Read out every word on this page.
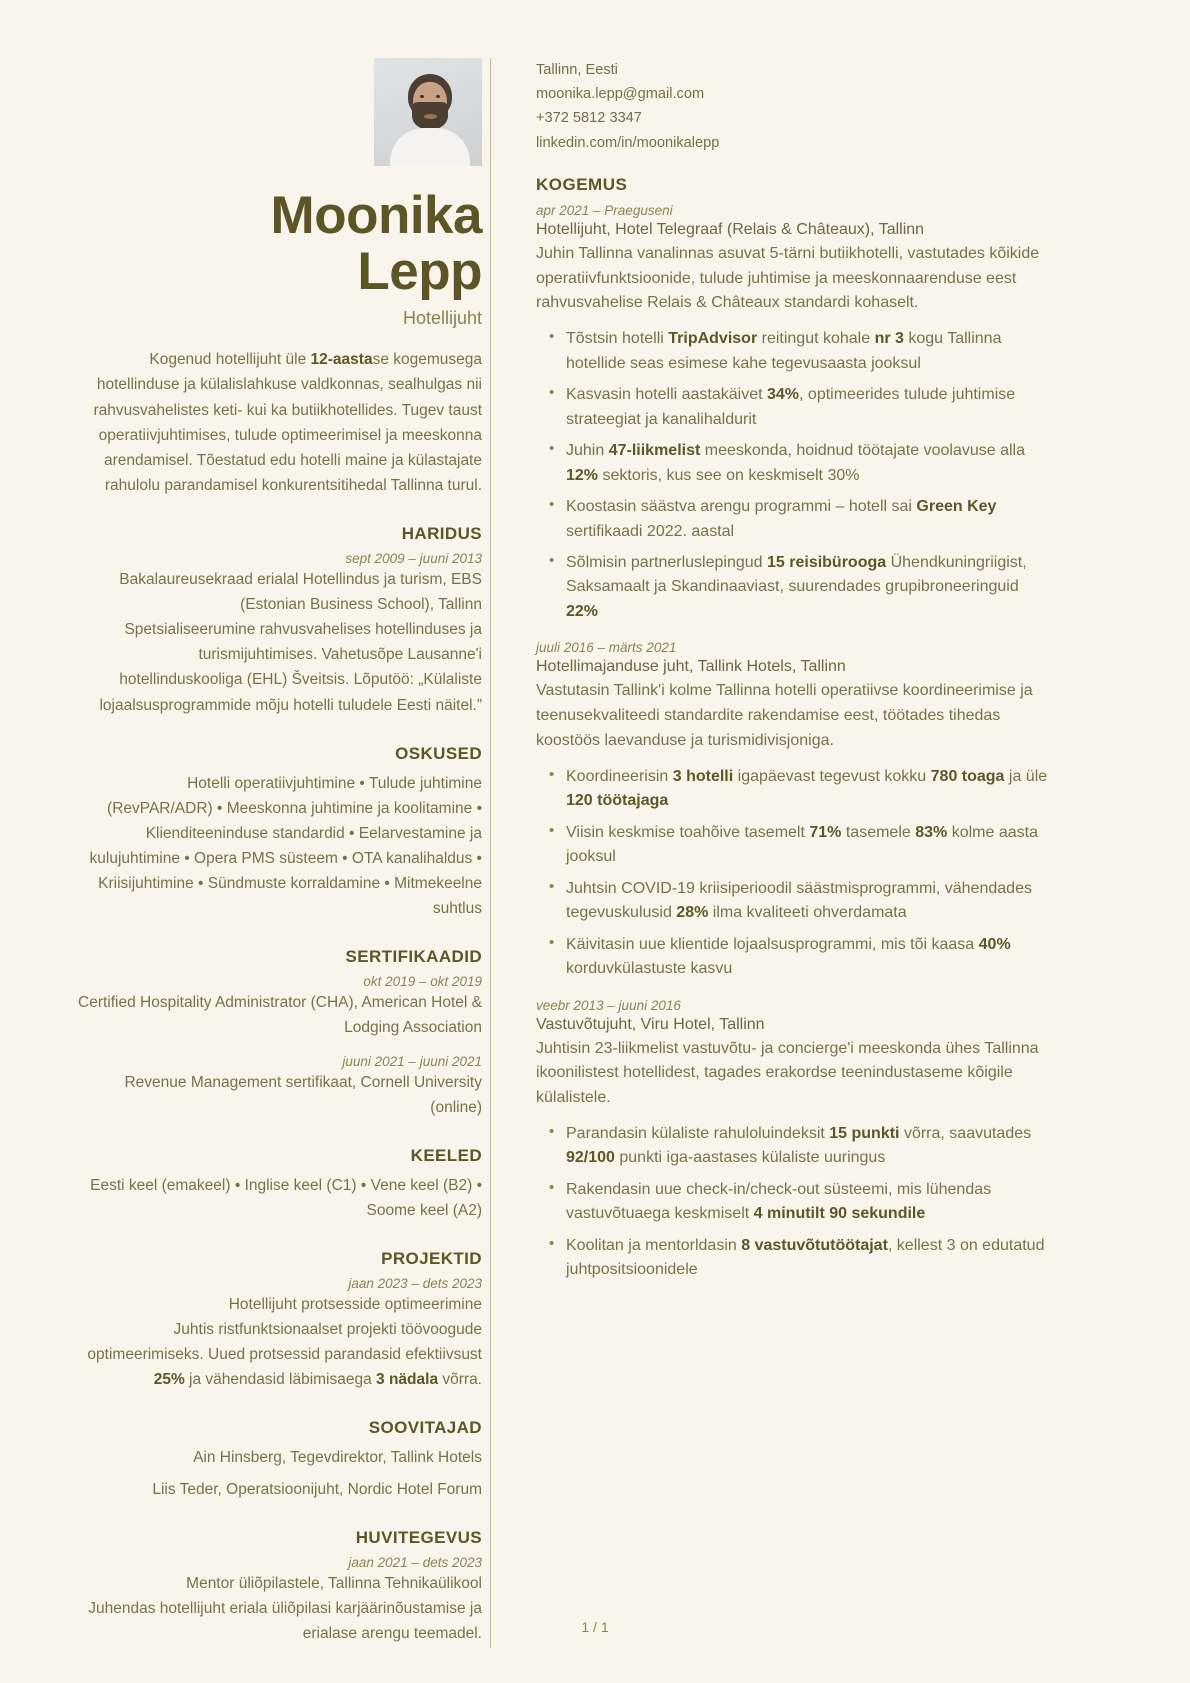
Moonika
Lepp
Hotellijuht
Kogenud hotellijuht üle 12-aastase kogemusega hotellinduse ja külalislahkuse valdkonnas, sealhulgas nii rahvusvahelistes keti- kui ka butiikhotellides. Tugev taust operatiivjuhtimises, tulude optimeerimisel ja meeskonna arendamisel. Tõestatud edu hotelli maine ja külastajate rahulolu parandamisel konkurentsitihedal Tallinna turul.
HARIDUS
sept 2009 – juuni 2013
Bakalaureusekraad erialal Hotellindus ja turism, EBS (Estonian Business School), Tallinn
Spetsialiseerumine rahvusvahelises hotellinduses ja turismijuhtimises. Vahetusõpe Lausanne'i hotellinduskooliga (EHL) Šveitsis. Lõputöö: „Külaliste lojaalsusprogrammide mõju hotelli tuludele Eesti näitel.”
OSKUSED
Hotelli operatiivjuhtimine • Tulude juhtimine (RevPAR/ADR) • Meeskonna juhtimine ja koolitamine • Klienditeeninduse standardid • Eelarvestamine ja kulujuhtimine • Opera PMS süsteem • OTA kanalihaldus • Kriisijuhtimine • Sündmuste korraldamine • Mitmekeelne suhtlus
SERTIFIKAADID
okt 2019 – okt 2019
Certified Hospitality Administrator (CHA), American Hotel & Lodging Association
juuni 2021 – juuni 2021
Revenue Management sertifikaat, Cornell University (online)
KEELED
Eesti keel (emakeel) • Inglise keel (C1) • Vene keel (B2) • Soome keel (A2)
PROJEKTID
jaan 2023 – dets 2023
Hotellijuht protsesside optimeerimine
Juhtis ristfunktsionaalset projekti töövoogude optimeerimiseks. Uued protsessid parandasid efektiivsust 25% ja vähendasid läbimisaega 3 nädala võrra.
SOOVITAJAD
Ain Hinsberg, Tegevdirektor, Tallink Hotels
Liis Teder, Operatsioonijuht, Nordic Hotel Forum
HUVITEGEVUS
jaan 2021 – dets 2023
Mentor üliõpilastele, Tallinna Tehnikaülikool
Juhendas hotellijuht eriala üliõpilasi karjäärinõustamise ja erialase arengu teemadel.
Tallinn, Eesti
moonika.lepp@gmail.com
+372 5812 3347
linkedin.com/in/moonikalepp
KOGEMUS
apr 2021 – Praeguseni
Hotellijuht, Hotel Telegraaf (Relais & Châteaux), Tallinn
Juhin Tallinna vanalinnas asuvat 5-tärni butiikhotelli, vastutades kõikide operatiivfunktsioonide, tulude juhtimise ja meeskonnaarenduse eest rahvusvahelise Relais & Châteaux standardi kohaselt.
• Tõstsin hotelli TripAdvisor reitingut kohale nr 3 kogu Tallinna hotellide seas esimese kahe tegevusaasta jooksul
• Kasvasin hotelli aastakäivet 34%, optimeerides tulude juhtimise strateegiat ja kanalihaldurit
• Juhin 47-liikmelist meeskonda, hoidnud töötajate voolavuse alla 12% sektoris, kus see on keskmiselt 30%
• Koostasin säästva arengu programmi – hotell sai Green Key sertifikaadi 2022. aastal
• Sõlmisin partnerluslepingud 15 reisibürooga Ühendkuningriigist, Saksamaalt ja Skandinaaviast, suurendades grupibroneeringuid 22%
juuli 2016 – märts 2021
Hotellimajanduse juht, Tallink Hotels, Tallinn
Vastutasin Tallink'i kolme Tallinna hotelli operatiivse koordineerimise ja teenusekvaliteedi standardite rakendamise eest, töötades tihedas koostöös laevanduse ja turismidivisjoniga.
• Koordineerisin 3 hotelli igapäevast tegevust kokku 780 toaga ja üle 120 töötajaga
• Viisin keskmise toahõive tasemelt 71% tasemele 83% kolme aasta jooksul
• Juhtsin COVID-19 kriisiperioodil säästmisprogrammi, vähendades tegevuskulusid 28% ilma kvaliteeti ohverdamata
• Käivitasin uue klientide lojaalsusprogrammi, mis tõi kaasa 40% korduvkülastuste kasvu
veebr 2013 – juuni 2016
Vastuvõtujuht, Viru Hotel, Tallinn
Juhtisin 23-liikmelist vastuvõtu- ja concierge'i meeskonda ühes Tallinna ikoonilistest hotellidest, tagades erakordse teenindustaseme kõigile külalistele.
• Parandasin külaliste rahuloluindeksit 15 punkti võrra, saavutades 92/100 punkti iga-aastases külaliste uuringus
• Rakendasin uue check-in/check-out süsteemi, mis lühendas vastuvõtuaega keskmiselt 4 minutilt 90 sekundile
• Koolitan ja mentorldasin 8 vastuvõtutöötajat, kellest 3 on edutatud juhtpositsioonidele
1 / 1
